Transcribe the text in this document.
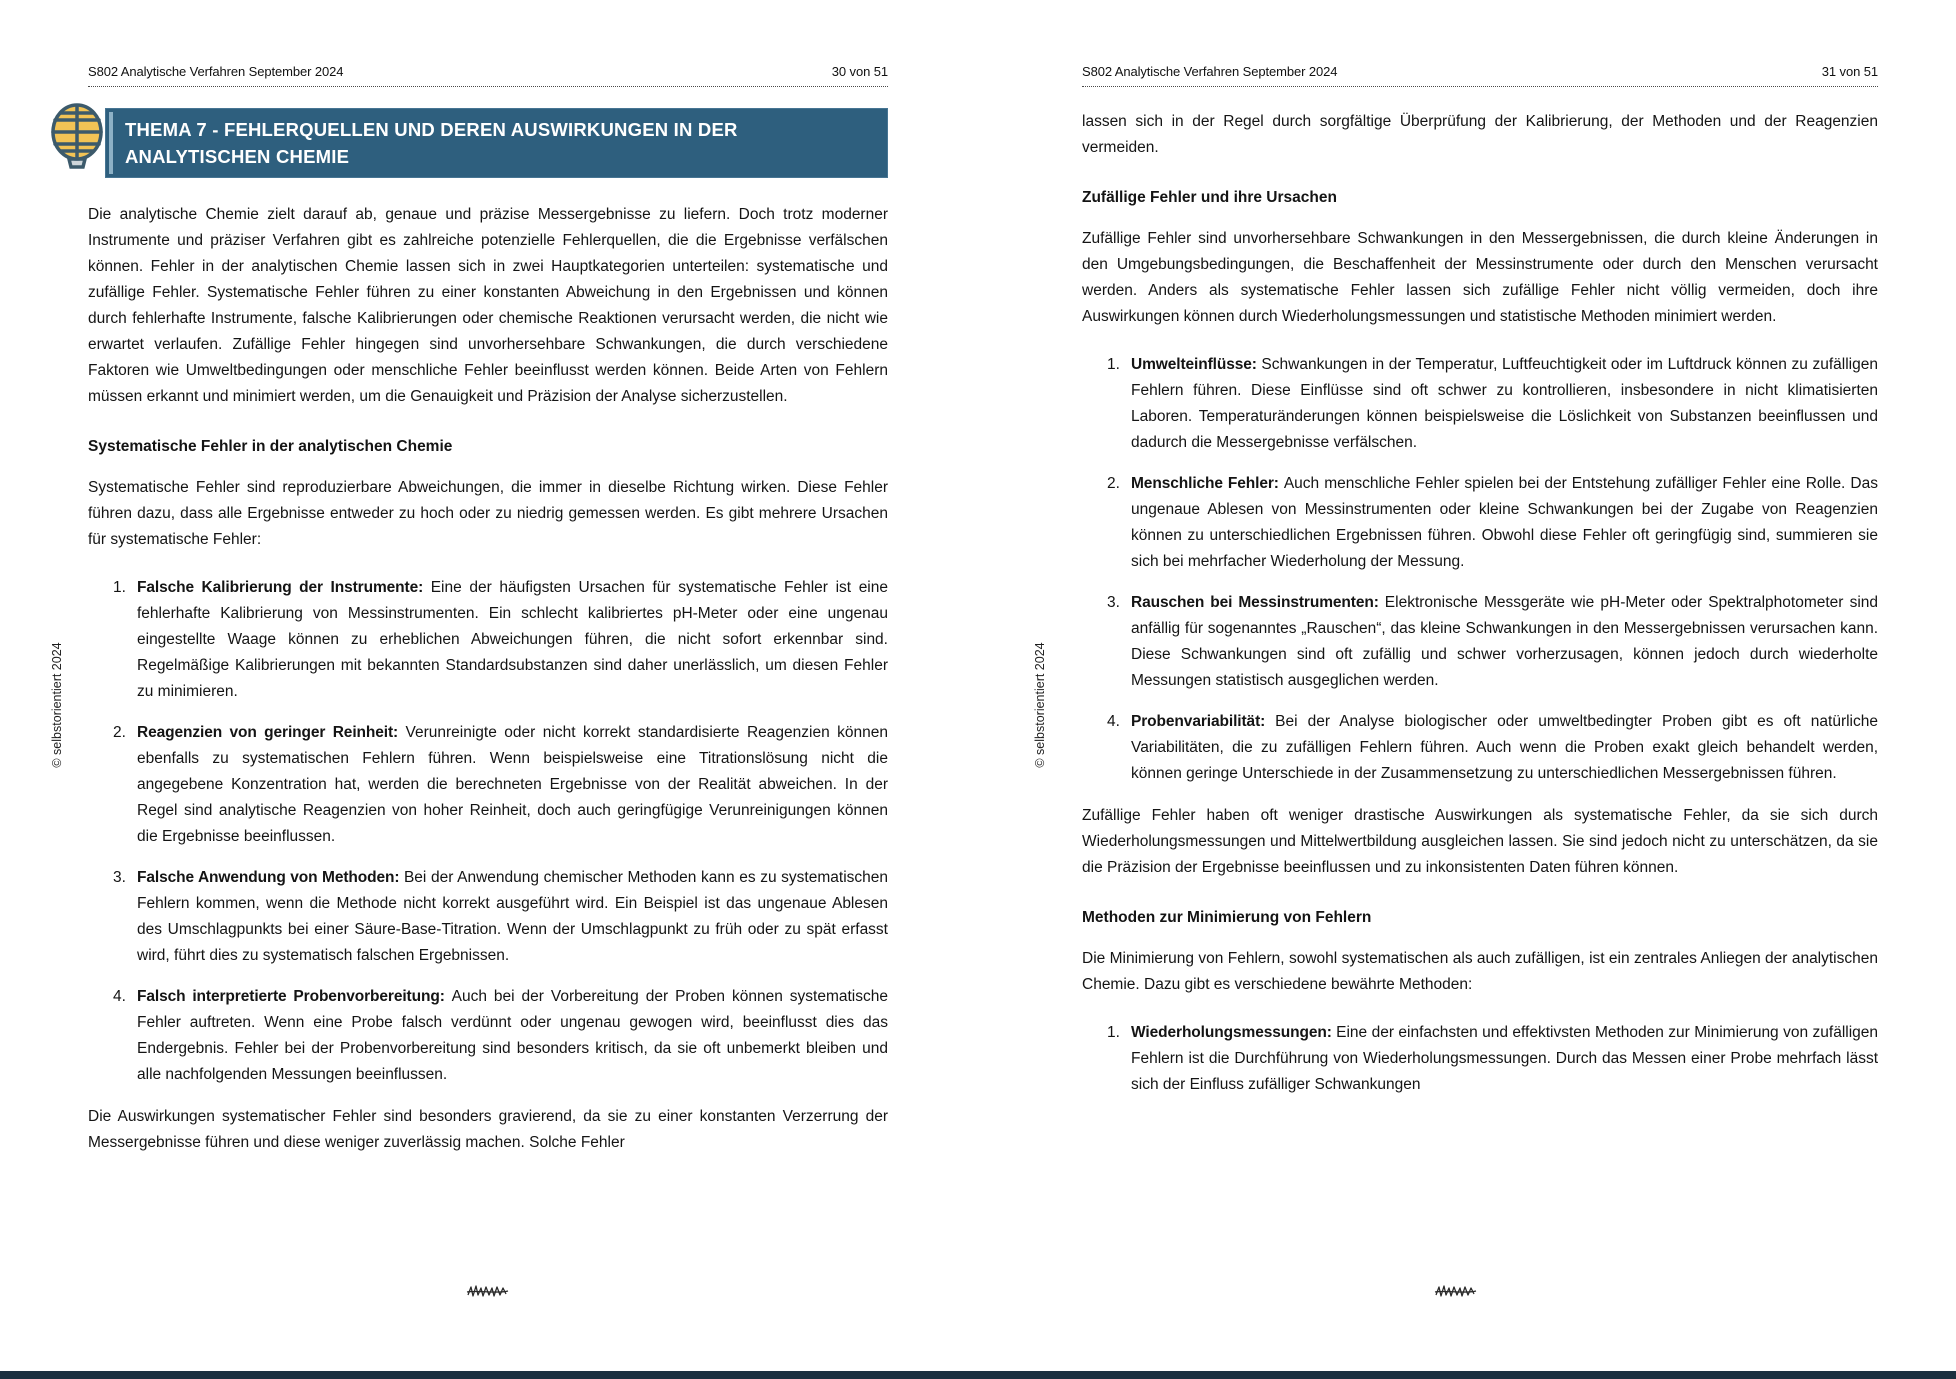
S802 Analytische Verfahren September 2024	30 von 51
THEMA 7 - FEHLERQUELLEN UND DEREN AUSWIRKUNGEN IN DER ANALYTISCHEN CHEMIE

Die analytische Chemie zielt darauf ab, genaue und präzise Messergebnisse zu liefern. Doch trotz moderner Instrumente und präziser Verfahren gibt es zahlreiche potenzielle Fehlerquellen, die die Ergebnisse verfälschen können. Fehler in der analytischen Chemie lassen sich in zwei Hauptkategorien unterteilen: systematische und zufällige Fehler. Systematische Fehler führen zu einer konstanten Abweichung in den Ergebnissen und können durch fehlerhafte Instrumente, falsche Kalibrierungen oder chemische Reaktionen verursacht werden, die nicht wie erwartet verlaufen. Zufällige Fehler hingegen sind unvorhersehbare Schwankungen, die durch verschiedene Faktoren wie Umweltbedingungen oder menschliche Fehler beeinflusst werden können. Beide Arten von Fehlern müssen erkannt und minimiert werden, um die Genauigkeit und Präzision der Analyse sicherzustellen.

Systematische Fehler in der analytischen Chemie

Systematische Fehler sind reproduzierbare Abweichungen, die immer in dieselbe Richtung wirken. Diese Fehler führen dazu, dass alle Ergebnisse entweder zu hoch oder zu niedrig gemessen werden. Es gibt mehrere Ursachen für systematische Fehler:

1. Falsche Kalibrierung der Instrumente: Eine der häufigsten Ursachen für systematische Fehler ist eine fehlerhafte Kalibrierung von Messinstrumenten. Ein schlecht kalibriertes pH-Meter oder eine ungenau eingestellte Waage können zu erheblichen Abweichungen führen, die nicht sofort erkennbar sind. Regelmäßige Kalibrierungen mit bekannten Standardsubstanzen sind daher unerlässlich, um diesen Fehler zu minimieren.
2. Reagenzien von geringer Reinheit: Verunreinigte oder nicht korrekt standardisierte Reagenzien können ebenfalls zu systematischen Fehlern führen. Wenn beispielsweise eine Titrationslösung nicht die angegebene Konzentration hat, werden die berechneten Ergebnisse von der Realität abweichen. In der Regel sind analytische Reagenzien von hoher Reinheit, doch auch geringfügige Verunreinigungen können die Ergebnisse beeinflussen.
3. Falsche Anwendung von Methoden: Bei der Anwendung chemischer Methoden kann es zu systematischen Fehlern kommen, wenn die Methode nicht korrekt ausgeführt wird. Ein Beispiel ist das ungenaue Ablesen des Umschlagpunkts bei einer Säure-Base-Titration. Wenn der Umschlagpunkt zu früh oder zu spät erfasst wird, führt dies zu systematisch falschen Ergebnissen.
4. Falsch interpretierte Probenvorbereitung: Auch bei der Vorbereitung der Proben können systematische Fehler auftreten. Wenn eine Probe falsch verdünnt oder ungenau gewogen wird, beeinflusst dies das Endergebnis. Fehler bei der Probenvorbereitung sind besonders kritisch, da sie oft unbemerkt bleiben und alle nachfolgenden Messungen beeinflussen.

Die Auswirkungen systematischer Fehler sind besonders gravierend, da sie zu einer konstanten Verzerrung der Messergebnisse führen und diese weniger zuverlässig machen. Solche Fehler

© selbstorientiert 2024
S802 Analytische Verfahren September 2024	31 von 51

lassen sich in der Regel durch sorgfältige Überprüfung der Kalibrierung, der Methoden und der Reagenzien vermeiden.

Zufällige Fehler und ihre Ursachen

Zufällige Fehler sind unvorhersehbare Schwankungen in den Messergebnissen, die durch kleine Änderungen in den Umgebungsbedingungen, die Beschaffenheit der Messinstrumente oder durch den Menschen verursacht werden. Anders als systematische Fehler lassen sich zufällige Fehler nicht völlig vermeiden, doch ihre Auswirkungen können durch Wiederholungsmessungen und statistische Methoden minimiert werden.

1. Umwelteinflüsse: Schwankungen in der Temperatur, Luftfeuchtigkeit oder im Luftdruck können zu zufälligen Fehlern führen. Diese Einflüsse sind oft schwer zu kontrollieren, insbesondere in nicht klimatisierten Laboren. Temperaturänderungen können beispielsweise die Löslichkeit von Substanzen beeinflussen und dadurch die Messergebnisse verfälschen.
2. Menschliche Fehler: Auch menschliche Fehler spielen bei der Entstehung zufälliger Fehler eine Rolle. Das ungenaue Ablesen von Messinstrumenten oder kleine Schwankungen bei der Zugabe von Reagenzien können zu unterschiedlichen Ergebnissen führen. Obwohl diese Fehler oft geringfügig sind, summieren sie sich bei mehrfacher Wiederholung der Messung.
3. Rauschen bei Messinstrumenten: Elektronische Messgeräte wie pH-Meter oder Spektralphotometer sind anfällig für sogenanntes „Rauschen“, das kleine Schwankungen in den Messergebnissen verursachen kann. Diese Schwankungen sind oft zufällig und schwer vorherzusagen, können jedoch durch wiederholte Messungen statistisch ausgeglichen werden.
4. Probenvariabilität: Bei der Analyse biologischer oder umweltbedingter Proben gibt es oft natürliche Variabilitäten, die zu zufälligen Fehlern führen. Auch wenn die Proben exakt gleich behandelt werden, können geringe Unterschiede in der Zusammensetzung zu unterschiedlichen Messergebnissen führen.

Zufällige Fehler haben oft weniger drastische Auswirkungen als systematische Fehler, da sie sich durch Wiederholungsmessungen und Mittelwertbildung ausgleichen lassen. Sie sind jedoch nicht zu unterschätzen, da sie die Präzision der Ergebnisse beeinflussen und zu inkonsistenten Daten führen können.

Methoden zur Minimierung von Fehlern

Die Minimierung von Fehlern, sowohl systematischen als auch zufälligen, ist ein zentrales Anliegen der analytischen Chemie. Dazu gibt es verschiedene bewährte Methoden:

1. Wiederholungsmessungen: Eine der einfachsten und effektivsten Methoden zur Minimierung von zufälligen Fehlern ist die Durchführung von Wiederholungsmessungen. Durch das Messen einer Probe mehrfach lässt sich der Einfluss zufälliger Schwankungen
© selbstorientiert 2024
